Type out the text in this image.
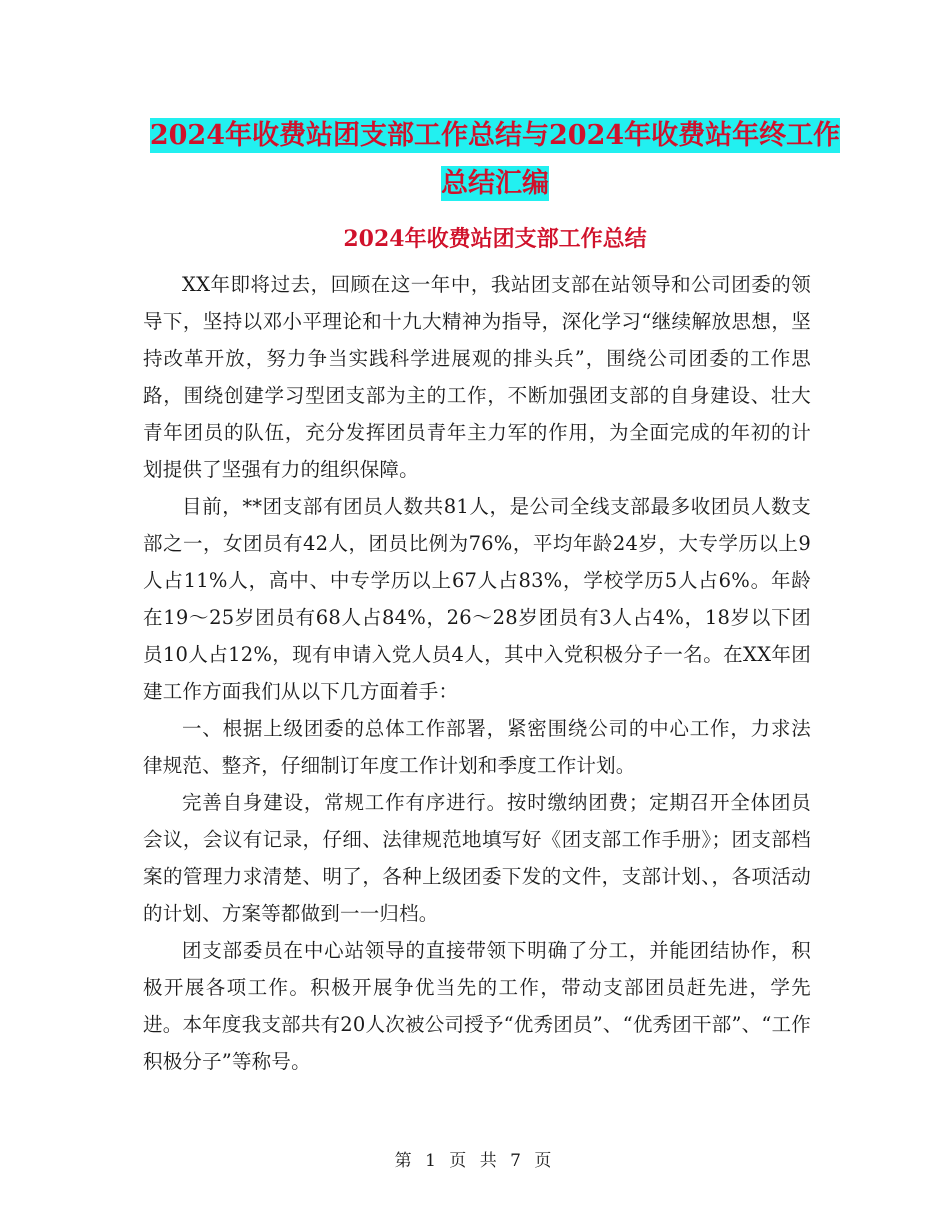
2024年收费站团支部工作总结与2024年收费站年终工作总结汇编
2024年收费站团支部工作总结

XX年即将过去，回顾在这一年中，我站团支部在站领导和公司团委的领导下，坚持以邓小平理论和十九大精神为指导，深化学习“继续解放思想，坚持改革开放，努力争当实践科学进展观的排头兵”，围绕公司团委的工作思路，围绕创建学习型团支部为主的工作，不断加强团支部的自身建设、壮大青年团员的队伍，充分发挥团员青年主力军的作用，为全面完成的年初的计划提供了坚强有力的组织保障。

目前，**团支部有团员人数共81人，是公司全线支部最多收团员人数支部之一，女团员有42人，团员比例为76%，平均年龄24岁，大专学历以上9人占11%人，高中、中专学历以上67人占83%，学校学历5人占6%。年龄在19～25岁团员有68人占84%，26～28岁团员有3人占4%，18岁以下团员10人占12%，现有申请入党人员4人，其中入党积极分子一名。在XX年团建工作方面我们从以下几方面着手：

一、根据上级团委的总体工作部署，紧密围绕公司的中心工作，力求法律规范、整齐，仔细制订年度工作计划和季度工作计划。

完善自身建设，常规工作有序进行。按时缴纳团费；定期召开全体团员会议，会议有记录，仔细、法律规范地填写好《团支部工作手册》；团支部档案的管理力求清楚、明了，各种上级团委下发的文件，支部计划、，各项活动的计划、方案等都做到一一归档。

团支部委员在中心站领导的直接带领下明确了分工，并能团结协作，积极开展各项工作。积极开展争优当先的工作，带动支部团员赶先进，学先进。本年度我支部共有20人次被公司授予“优秀团员”、“优秀团干部”、“工作积极分子”等称号。

第 1 页 共 7 页
